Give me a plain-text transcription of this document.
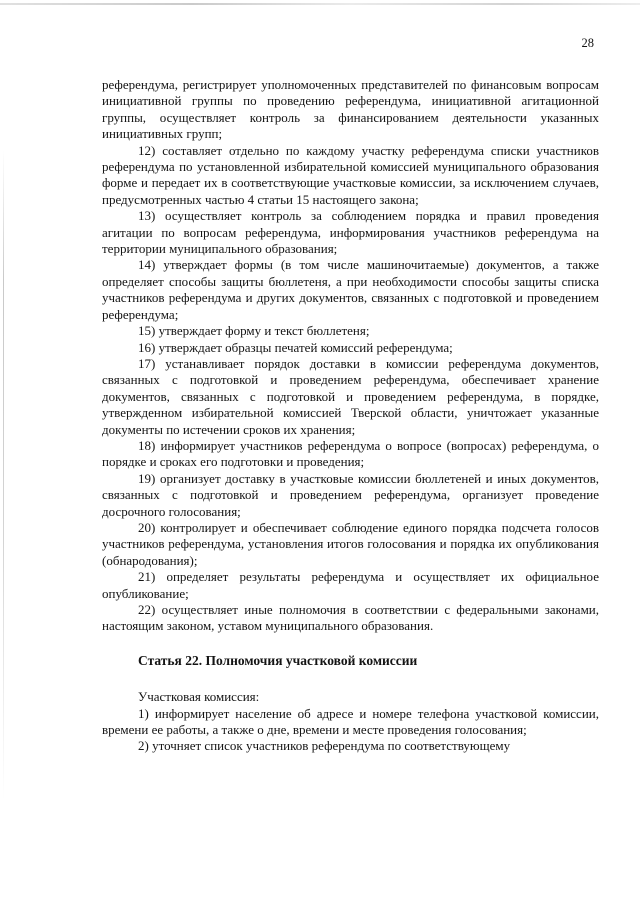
28

референдума, регистрирует уполномоченных представителей по финансовым вопросам инициативной группы по проведению референдума, инициативной агитационной группы, осуществляет контроль за финансированием деятельности указанных инициативных групп;

12) составляет отдельно по каждому участку референдума списки участников референдума по установленной избирательной комиссией муниципального образования форме и передает их в соответствующие участковые комиссии, за исключением случаев, предусмотренных частью 4 статьи 15 настоящего закона;

13) осуществляет контроль за соблюдением порядка и правил проведения агитации по вопросам референдума, информирования участников референдума на территории муниципального образования;

14) утверждает формы (в том числе машиночитаемые) документов, а также определяет способы защиты бюллетеня, а при необходимости способы защиты списка участников референдума и других документов, связанных с подготовкой и проведением референдума;

15) утверждает форму и текст бюллетеня;

16) утверждает образцы печатей комиссий референдума;

17) устанавливает порядок доставки в комиссии референдума документов, связанных с подготовкой и проведением референдума, обеспечивает хранение документов, связанных с подготовкой и проведением референдума, в порядке, утвержденном избирательной комиссией Тверской области, уничтожает указанные документы по истечении сроков их хранения;

18) информирует участников референдума о вопросе (вопросах) референдума, о порядке и сроках его подготовки и проведения;

19) организует доставку в участковые комиссии бюллетеней и иных документов, связанных с подготовкой и проведением референдума, организует проведение досрочного голосования;

20) контролирует и обеспечивает соблюдение единого порядка подсчета голосов участников референдума, установления итогов голосования и порядка их опубликования (обнародования);

21) определяет результаты референдума и осуществляет их официальное опубликование;

22) осуществляет иные полномочия в соответствии с федеральными законами, настоящим законом, уставом муниципального образования.

Статья 22. Полномочия участковой комиссии

Участковая комиссия:

1) информирует население об адресе и номере телефона участковой комиссии, времени ее работы, а также о дне, времени и месте проведения голосования;

2) уточняет список участников референдума по соответствующему
